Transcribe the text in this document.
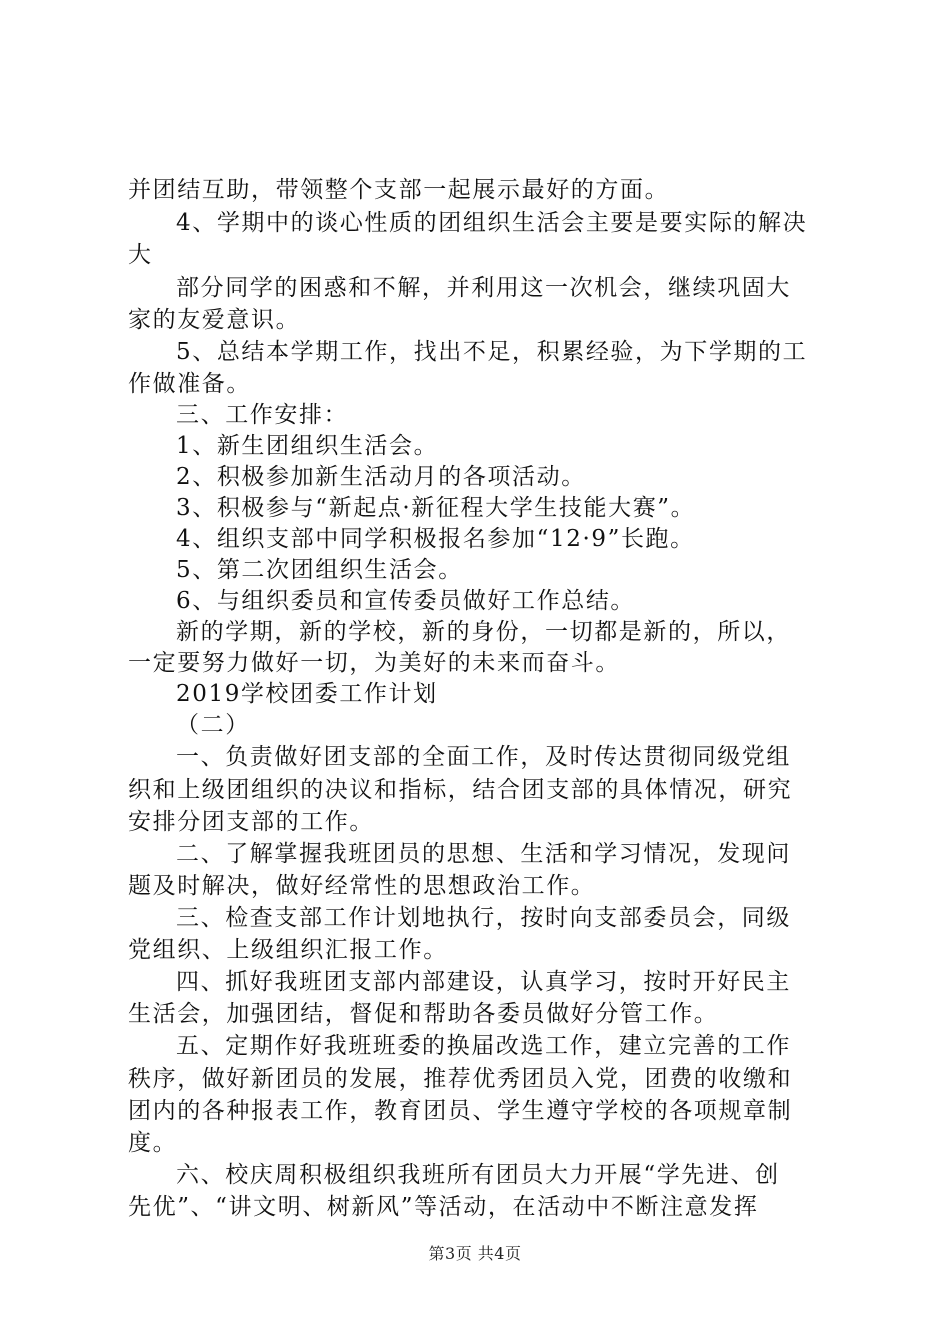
并团结互助，带领整个支部一起展示最好的方面。
4、学期中的谈心性质的团组织生活会主要是要实际的解决
大
部分同学的困惑和不解，并利用这一次机会，继续巩固大
家的友爱意识。
5、总结本学期工作，找出不足，积累经验，为下学期的工
作做准备。
三、工作安排：
1、新生团组织生活会。
2、积极参加新生活动月的各项活动。
3、积极参与“新起点·新征程大学生技能大赛”。
4、组织支部中同学积极报名参加“12·9”长跑。
5、第二次团组织生活会。
6、与组织委员和宣传委员做好工作总结。
新的学期，新的学校，新的身份，一切都是新的，所以，
一定要努力做好一切，为美好的未来而奋斗。
2019学校团委工作计划
（二）
一、负责做好团支部的全面工作，及时传达贯彻同级党组
织和上级团组织的决议和指标，结合团支部的具体情况，研究
安排分团支部的工作。
二、了解掌握我班团员的思想、生活和学习情况，发现问
题及时解决，做好经常性的思想政治工作。
三、检查支部工作计划地执行，按时向支部委员会，同级
党组织、上级组织汇报工作。
四、抓好我班团支部内部建设，认真学习，按时开好民主
生活会，加强团结，督促和帮助各委员做好分管工作。
五、定期作好我班班委的换届改选工作，建立完善的工作
秩序，做好新团员的发展，推荐优秀团员入党，团费的收缴和
团内的各种报表工作，教育团员、学生遵守学校的各项规章制
度。
六、校庆周积极组织我班所有团员大力开展“学先进、创
先优”、“讲文明、树新风”等活动，在活动中不断注意发挥
第3页 共4页
